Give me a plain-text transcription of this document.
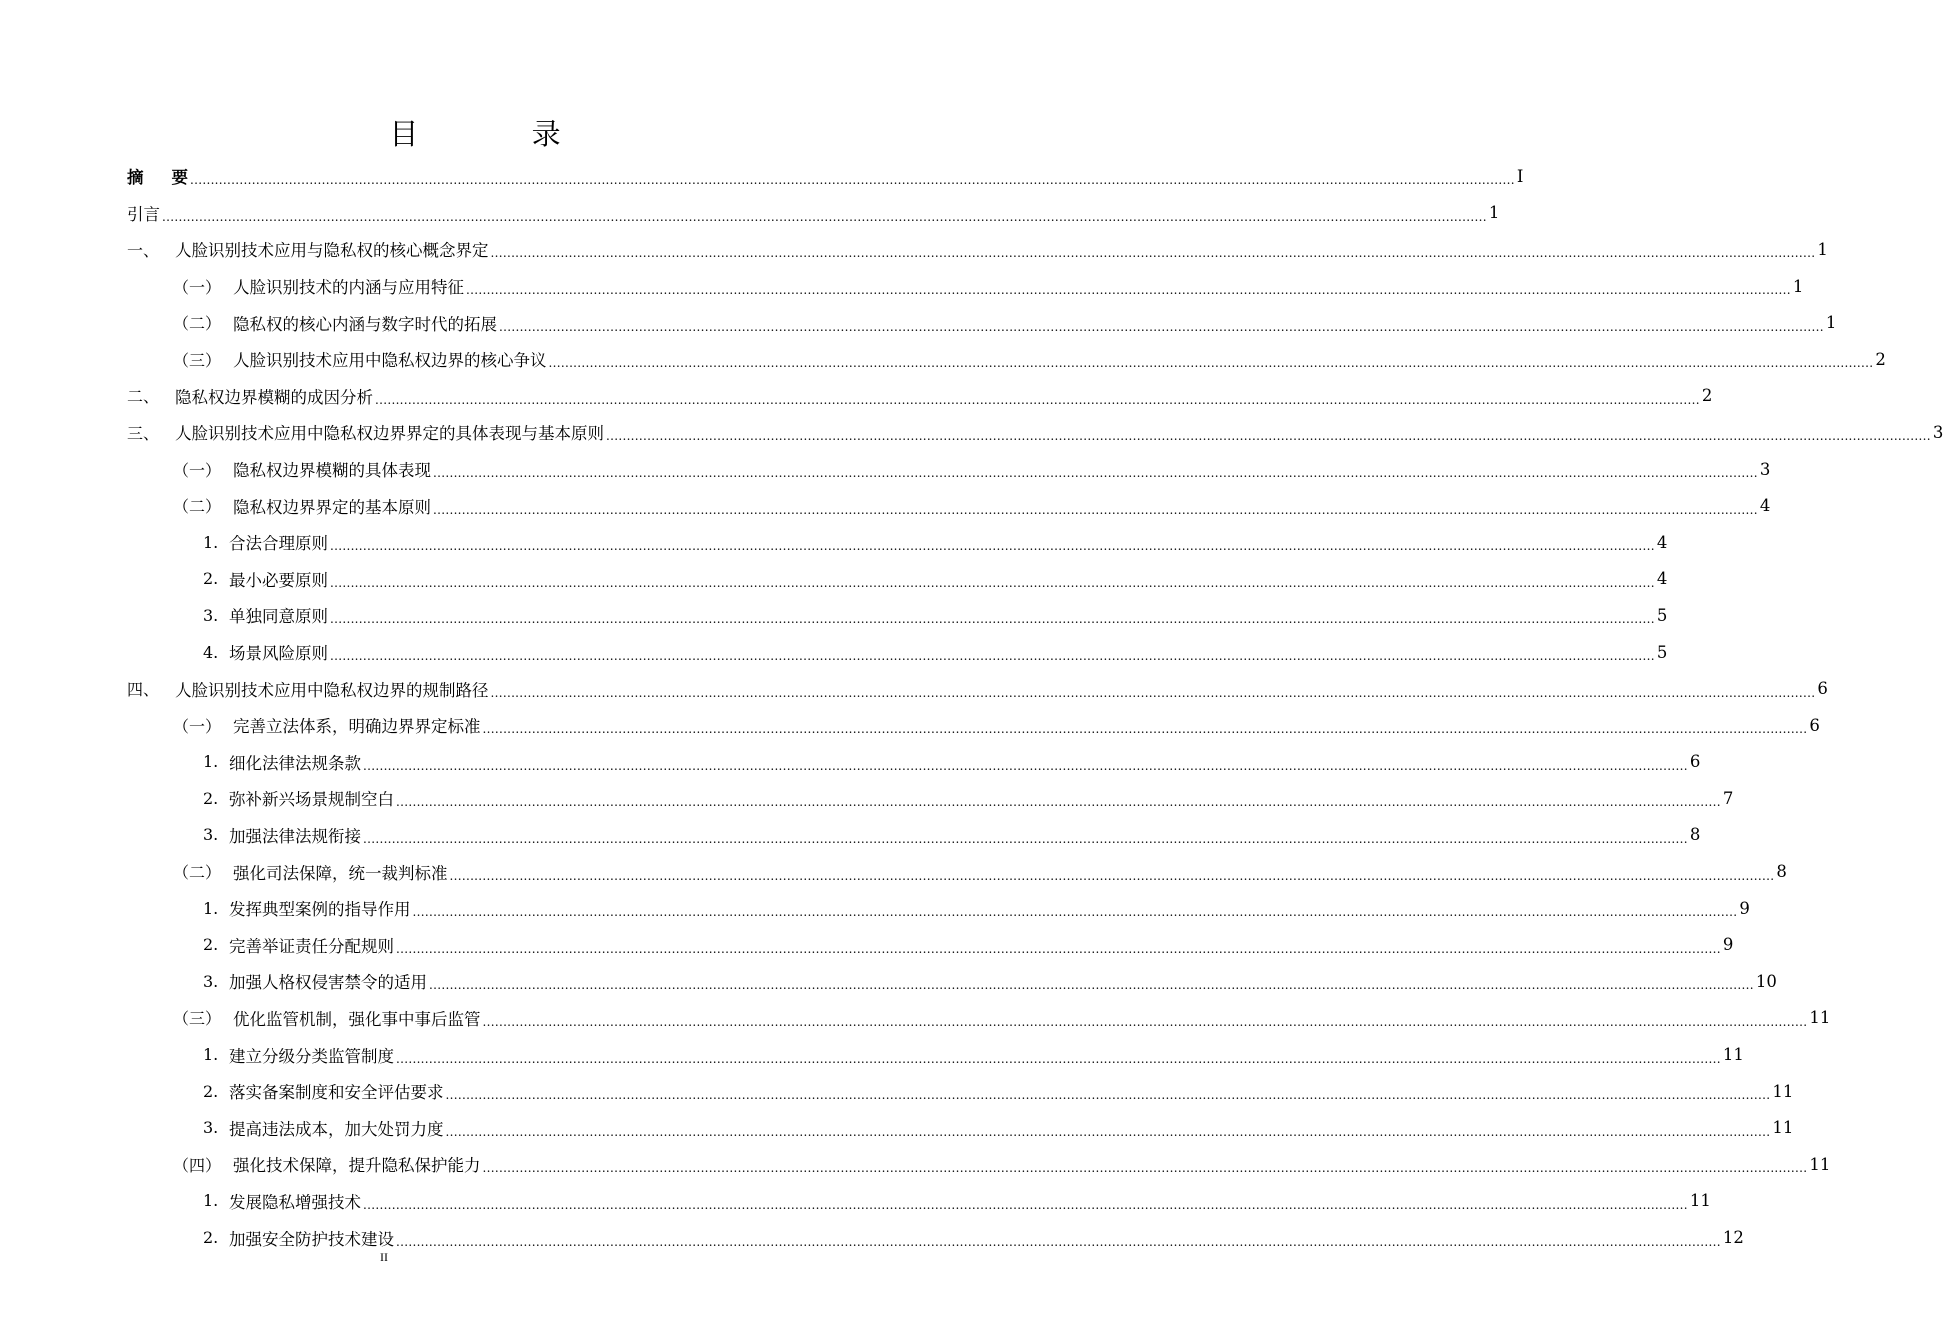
目 录
摘要
.................................................................................................................................................................................................................................................................................................................................. I
引言 .................................................................................................................................................................................................................................................................................................................................. 1
一、 人脸识别技术应用与隐私权的核心概念界定 .................................................................................................................................................................................................................................................................................................................................. 1
（一） 人脸识别技术的内涵与应用特征 .................................................................................................................................................................................................................................................................................................................................. 1
（二） 隐私权的核心内涵与数字时代的拓展 .................................................................................................................................................................................................................................................................................................................................. 1
（三） 人脸识别技术应用中隐私权边界的核心争议 .................................................................................................................................................................................................................................................................................................................................. 2
二、 隐私权边界模糊的成因分析 .................................................................................................................................................................................................................................................................................................................................. 2
三、 人脸识别技术应用中隐私权边界界定的具体表现与基本原则 .................................................................................................................................................................................................................................................................................................................................. 3
（一） 隐私权边界模糊的具体表现 .................................................................................................................................................................................................................................................................................................................................. 3
（二） 隐私权边界界定的基本原则 .................................................................................................................................................................................................................................................................................................................................. 4
1. 合法合理原则 .................................................................................................................................................................................................................................................................................................................................. 4
2. 最小必要原则 .................................................................................................................................................................................................................................................................................................................................. 4
3. 单独同意原则 .................................................................................................................................................................................................................................................................................................................................. 5
4. 场景风险原则 .................................................................................................................................................................................................................................................................................................................................. 5
四、 人脸识别技术应用中隐私权边界的规制路径 .................................................................................................................................................................................................................................................................................................................................. 6
（一） 完善立法体系，明确边界界定标准 .................................................................................................................................................................................................................................................................................................................................. 6
1. 细化法律法规条款 .................................................................................................................................................................................................................................................................................................................................. 6
2. 弥补新兴场景规制空白 .................................................................................................................................................................................................................................................................................................................................. 7
3. 加强法律法规衔接 .................................................................................................................................................................................................................................................................................................................................. 8
（二） 强化司法保障，统一裁判标准 .................................................................................................................................................................................................................................................................................................................................. 8
1. 发挥典型案例的指导作用 .................................................................................................................................................................................................................................................................................................................................. 9
2. 完善举证责任分配规则 .................................................................................................................................................................................................................................................................................................................................. 9
3. 加强人格权侵害禁令的适用 .................................................................................................................................................................................................................................................................................................................................. 10
（三） 优化监管机制，强化事中事后监管 .................................................................................................................................................................................................................................................................................................................................. 11
1. 建立分级分类监管制度 .................................................................................................................................................................................................................................................................................................................................. 11
2. 落实备案制度和安全评估要求 .................................................................................................................................................................................................................................................................................................................................. 11
3. 提高违法成本，加大处罚力度 .................................................................................................................................................................................................................................................................................................................................. 11
（四） 强化技术保障，提升隐私保护能力 .................................................................................................................................................................................................................................................................................................................................. 11
1. 发展隐私增强技术 .................................................................................................................................................................................................................................................................................................................................. 11
2. 加强安全防护技术建设 .................................................................................................................................................................................................................................................................................................................................. 12
II
